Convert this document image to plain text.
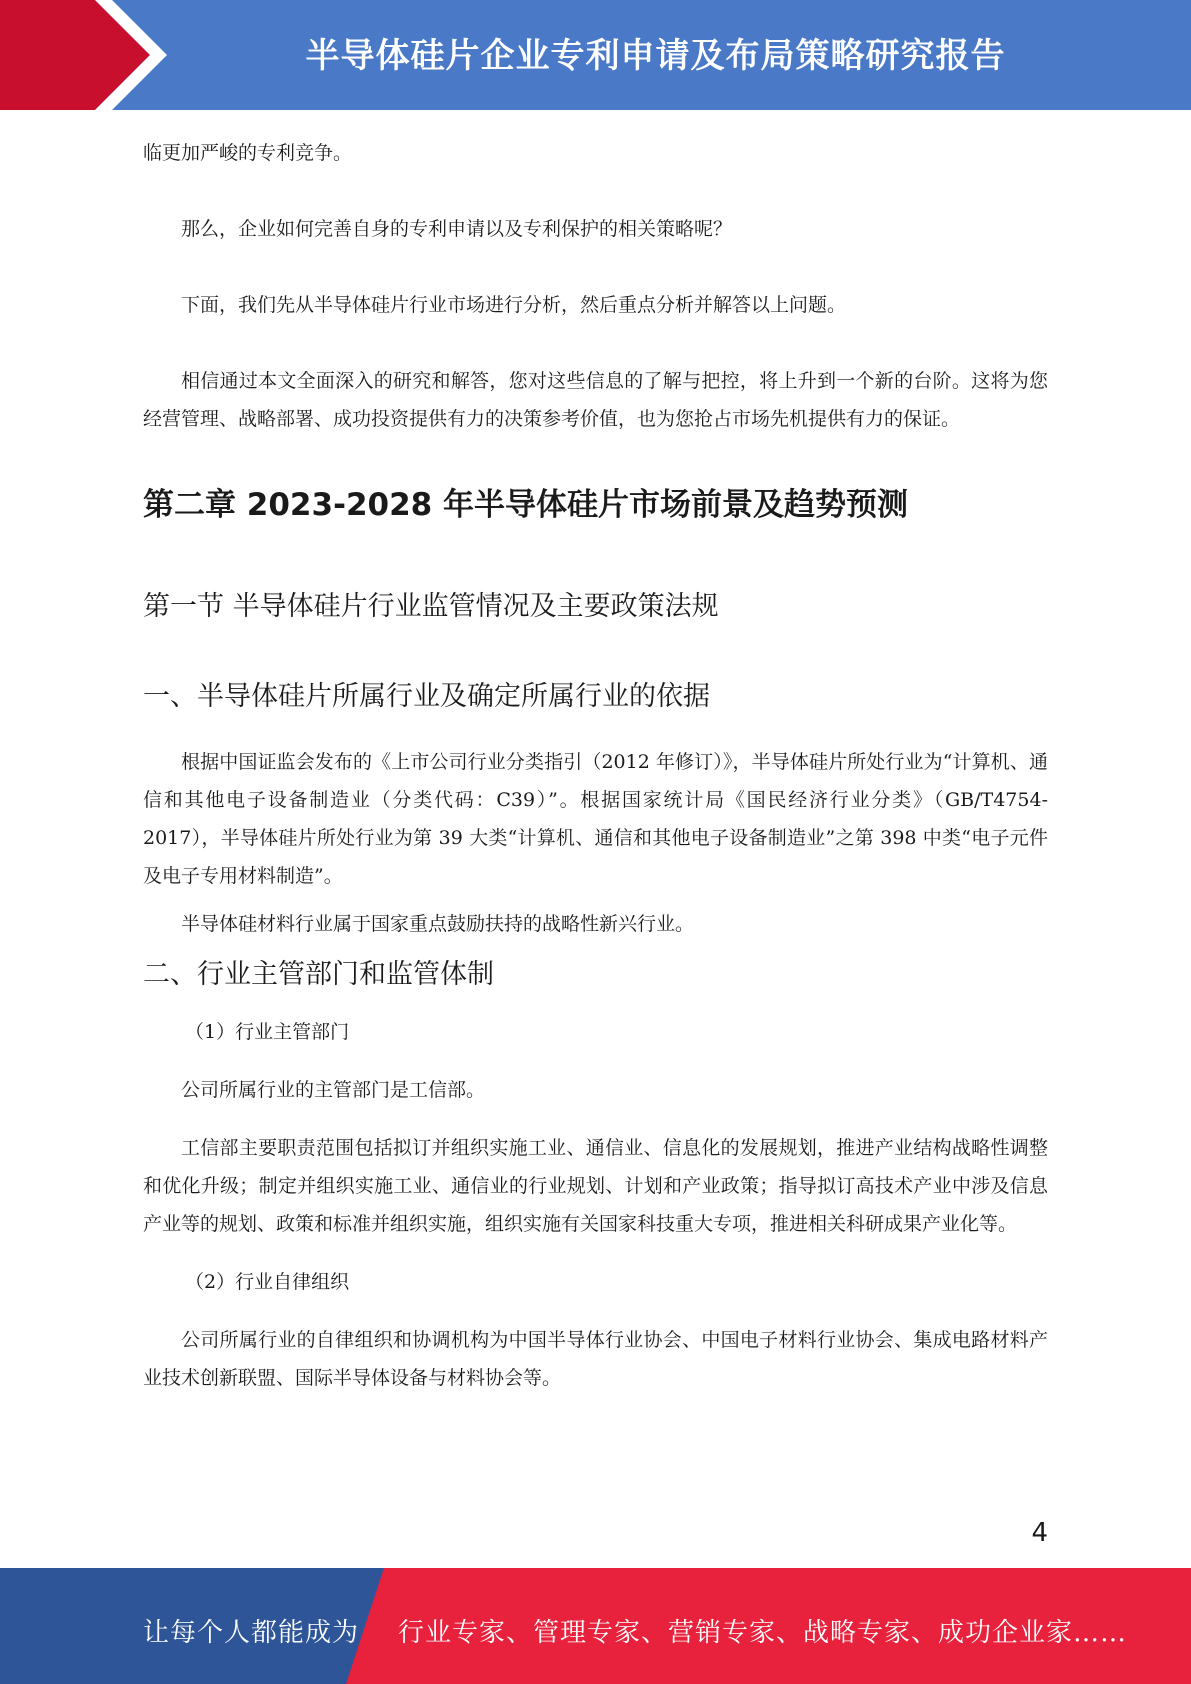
半导体硅片企业专利申请及布局策略研究报告

临更加严峻的专利竞争。

那么，企业如何完善自身的专利申请以及专利保护的相关策略呢？

下面，我们先从半导体硅片行业市场进行分析，然后重点分析并解答以上问题。

相信通过本文全面深入的研究和解答，您对这些信息的了解与把控，将上升到一个新的台阶。这将为您经营管理、战略部署、成功投资提供有力的决策参考价值，也为您抢占市场先机提供有力的保证。

第二章 2023-2028 年半导体硅片市场前景及趋势预测
第一节 半导体硅片行业监管情况及主要政策法规
一、半导体硅片所属行业及确定所属行业的依据

根据中国证监会发布的《上市公司行业分类指引（2012 年修订）》，半导体硅片所处行业为“计算机、通信和其他电子设备制造业（分类代码：C39）”。根据国家统计局《国民经济行业分类》（GB/T4754-2017），半导体硅片所处行业为第 39 大类“计算机、通信和其他电子设备制造业”之第 398 中类“电子元件及电子专用材料制造”。

半导体硅材料行业属于国家重点鼓励扶持的战略性新兴行业。

二、行业主管部门和监管体制

（1）行业主管部门

公司所属行业的主管部门是工信部。

工信部主要职责范围包括拟订并组织实施工业、通信业、信息化的发展规划，推进产业结构战略性调整和优化升级；制定并组织实施工业、通信业的行业规划、计划和产业政策；指导拟订高技术产业中涉及信息产业等的规划、政策和标准并组织实施，组织实施有关国家科技重大专项，推进相关科研成果产业化等。

（2）行业自律组织

公司所属行业的自律组织和协调机构为中国半导体行业协会、中国电子材料行业协会、集成电路材料产业技术创新联盟、国际半导体设备与材料协会等。

4
让每个人都能成为 行业专家、管理专家、营销专家、战略专家、成功企业家……
